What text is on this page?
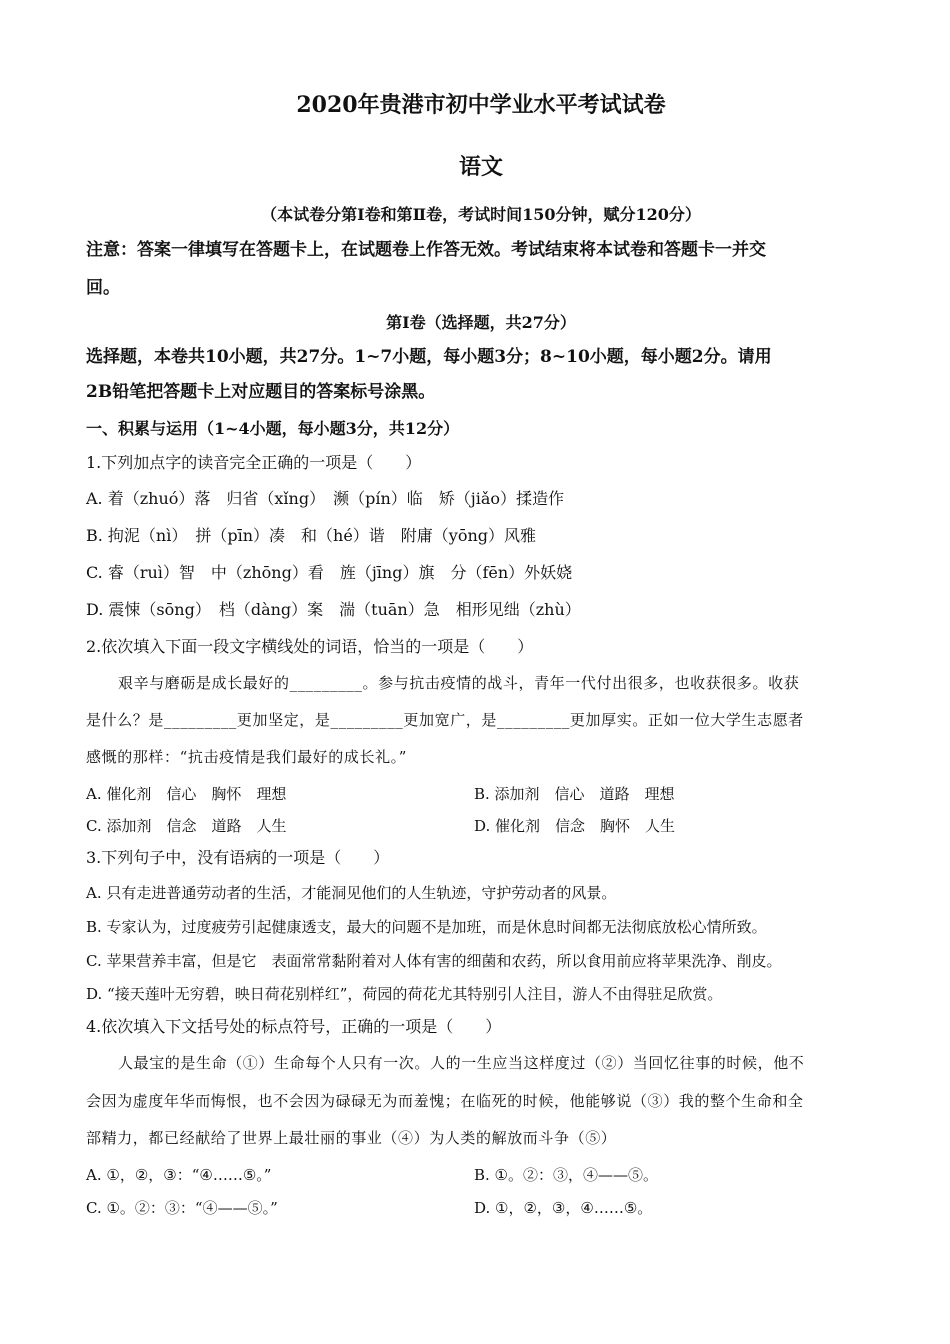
2020年贵港市初中学业水平考试试卷
语文
（本试卷分第Ⅰ卷和第Ⅱ卷，考试时间150分钟，赋分120分）
注意：答案一律填写在答题卡上，在试题卷上作答无效。考试结束将本试卷和答题卡一并交
回。
第Ⅰ卷（选择题，共27分）
选择题，本卷共10小题，共27分。1~7小题，每小题3分；8~10小题，每小题2分。请用
2B铅笔把答题卡上对应题目的答案标号涂黑。
一、积累与运用（1~4小题，每小题3分，共12分）
1.下列加点字的读音完全正确的一项是（　　）
A. 着（zhuó）落　归省（xǐng）　濒（pín）临　矫（jiǎo）揉造作
B. 拘泥（nì）　拼（pīn）凑　和（hé）谐　附庸（yōng）风雅
C. 睿（ruì）智　中（zhōng）看　旌（jīng）旗　分（fēn）外妖娆
D. 震悚（sōng）　档（dàng）案　湍（tuān）急　相形见绌（zhù）
2.依次填入下面一段文字横线处的词语，恰当的一项是（　　）
艰辛与磨砺是成长最好的_________。参与抗击疫情的战斗，青年一代付出很多，也收获很多。收获
是什么？是_________更加坚定，是_________更加宽广，是_________更加厚实。正如一位大学生志愿者
感慨的那样：“抗击疫情是我们最好的成长礼。”
A. 催化剂　信心　胸怀　理想	B. 添加剂　信心　道路　理想
C. 添加剂　信念　道路　人生	D. 催化剂　信念　胸怀　人生
3.下列句子中，没有语病的一项是（　　）
A. 只有走进普通劳动者的生活，才能洞见他们的人生轨迹，守护劳动者的风景。
B. 专家认为，过度疲劳引起健康透支，最大的问题不是加班，而是休息时间都无法彻底放松心情所致。
C. 苹果营养丰富，但是它　表面常常黏附着对人体有害的细菌和农药，所以食用前应将苹果洗净、削皮。
D. “接天莲叶无穷碧，映日荷花别样红”，荷园的荷花尤其特别引人注目，游人不由得驻足欣赏。
4.依次填入下文括号处的标点符号，正确的一项是（　　）
人最宝的是生命（①）生命每个人只有一次。人的一生应当这样度过（②）当回忆往事的时候，他不
会因为虚度年华而悔恨，也不会因为碌碌无为而羞愧；在临死的时候，他能够说（③）我的整个生命和全
部精力，都已经献给了世界上最壮丽的事业（④）为人类的解放而斗争（⑤）
A. ①，②，③：“④……⑤。”	B. ①。②：③，④——⑤。
C. ①。②：③：“④——⑤。”	D. ①，②，③，④……⑤。
